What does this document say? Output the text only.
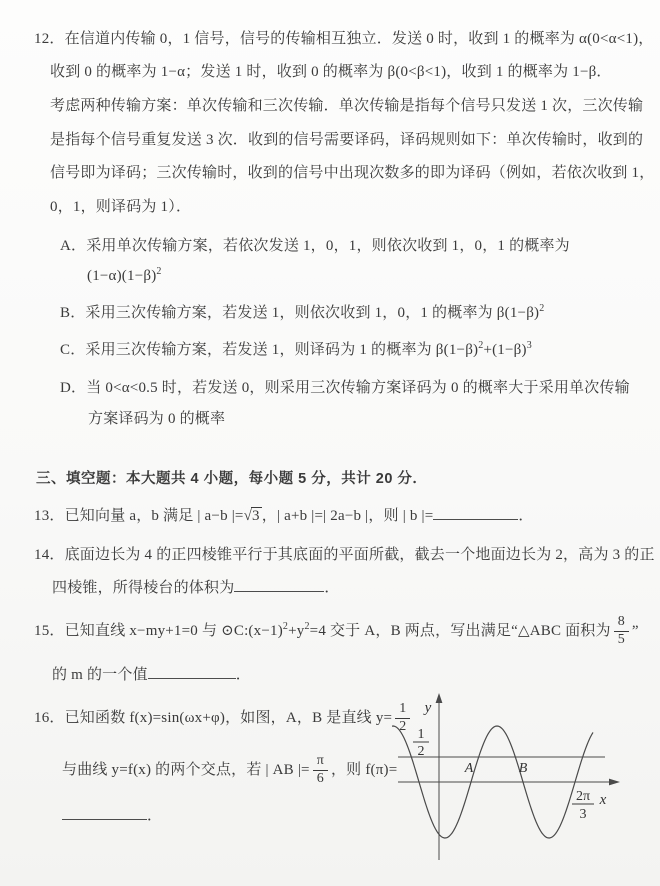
12．在信道内传输 0，1 信号，信号的传输相互独立．发送 0 时，收到 1 的概率为 α(0<α<1)，
收到 0 的概率为 1−α；发送 1 时，收到 0 的概率为 β(0<β<1)，收到 1 的概率为 1−β．
考虑两种传输方案：单次传输和三次传输．单次传输是指每个信号只发送 1 次，三次传输
是指每个信号重复发送 3 次．收到的信号需要译码，译码规则如下：单次传输时，收到的
信号即为译码；三次传输时，收到的信号中出现次数多的即为译码（例如，若依次收到 1，
0，1，则译码为 1）．
A．采用单次传输方案，若依次发送 1，0，1，则依次收到 1，0，1 的概率为
$(1-\alpha)(1-\beta)^2$
B．采用三次传输方案，若发送 1，则依次收到 1，0，1 的概率为 $\beta(1-\beta)^2$
C．采用三次传输方案，若发送 1，则译码为 1 的概率为 $\beta(1-\beta)^2+(1-\beta)^3$
D．当 0<α<0.5 时，若发送 0，则采用三次传输方案译码为 0 的概率大于采用单次传输
方案译码为 0 的概率
三、填空题：本大题共 4 小题，每小题 5 分，共计 20 分．
13．已知向量 a，b 满足 | a−b |=√3 ，| a+b |=| 2a−b |，则 | b |=	．
14．底面边长为 4 的正四棱锥平行于其底面的平面所截，截去一个地面边长为 2，高为 3 的正
四棱锥，所得棱台的体积为	．
15．已知直线 x−my+1=0 与 $⊙C:(x-1)^2+y^2=4$ 交于 A，B 两点，写出满足“△ABC 面积为 $\frac{8}{5}$ ”
的 m 的一个值	．
16．已知函数 f(x)=sin(ωx+φ)，如图，A，B 是直线 $y= \frac{1}{2}$
与曲线 y=f(x) 的两个交点，若 | AB |= $\frac{\pi}{6}$ ，则 f(π)=
．
y
x
1
2
A	B
2π
3
